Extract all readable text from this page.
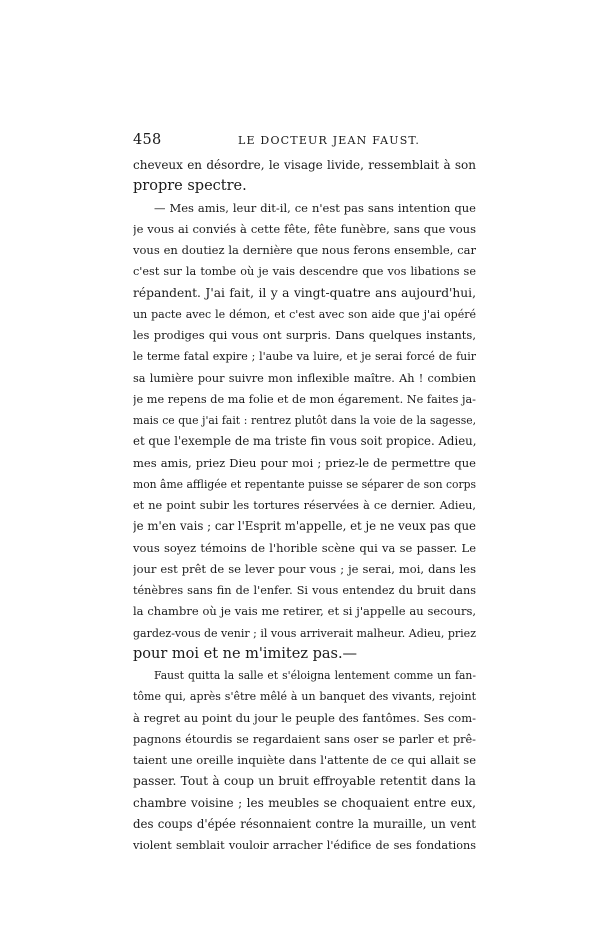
458	LE DOCTEUR JEAN FAUST.
cheveux en désordre, le visage livide, ressemblait à son
propre spectre.
— Mes amis, leur dit-il, ce n'est pas sans intention que
je vous ai conviés à cette fête, fête funèbre, sans que vous
vous en doutiez la dernière que nous ferons ensemble, car
c'est sur la tombe où je vais descendre que vos libations se
répandent. J'ai fait, il y a vingt-quatre ans aujourd'hui,
un pacte avec le démon, et c'est avec son aide que j'ai opéré
les prodiges qui vous ont surpris. Dans quelques instants,
le terme fatal expire ; l'aube va luire, et je serai forcé de fuir
sa lumière pour suivre mon inflexible maître. Ah ! combien
je me repens de ma folie et de mon égarement. Ne faites ja-
mais ce que j'ai fait : rentrez plutôt dans la voie de la sagesse,
et que l'exemple de ma triste fin vous soit propice. Adieu,
mes amis, priez Dieu pour moi ; priez-le de permettre que
mon âme affligée et repentante puisse se séparer de son corps
et ne point subir les tortures réservées à ce dernier. Adieu,
je m'en vais ; car l'Esprit m'appelle, et je ne veux pas que
vous soyez témoins de l'horible scène qui va se passer. Le
jour est prêt de se lever pour vous ; je serai, moi, dans les
ténèbres sans fin de l'enfer. Si vous entendez du bruit dans
la chambre où je vais me retirer, et si j'appelle au secours,
gardez-vous de venir ; il vous arriverait malheur. Adieu, priez
pour moi et ne m'imitez pas.—
Faust quitta la salle et s'éloigna lentement comme un fan-
tôme qui, après s'être mêlé à un banquet des vivants, rejoint
à regret au point du jour le peuple des fantômes. Ses com-
pagnons étourdis se regardaient sans oser se parler et prê-
taient une oreille inquiète dans l'attente de ce qui allait se
passer. Tout à coup un bruit effroyable retentit dans la
chambre voisine ; les meubles se choquaient entre eux,
des coups d'épée résonnaient contre la muraille, un vent
violent semblait vouloir arracher l'édifice de ses fondations
